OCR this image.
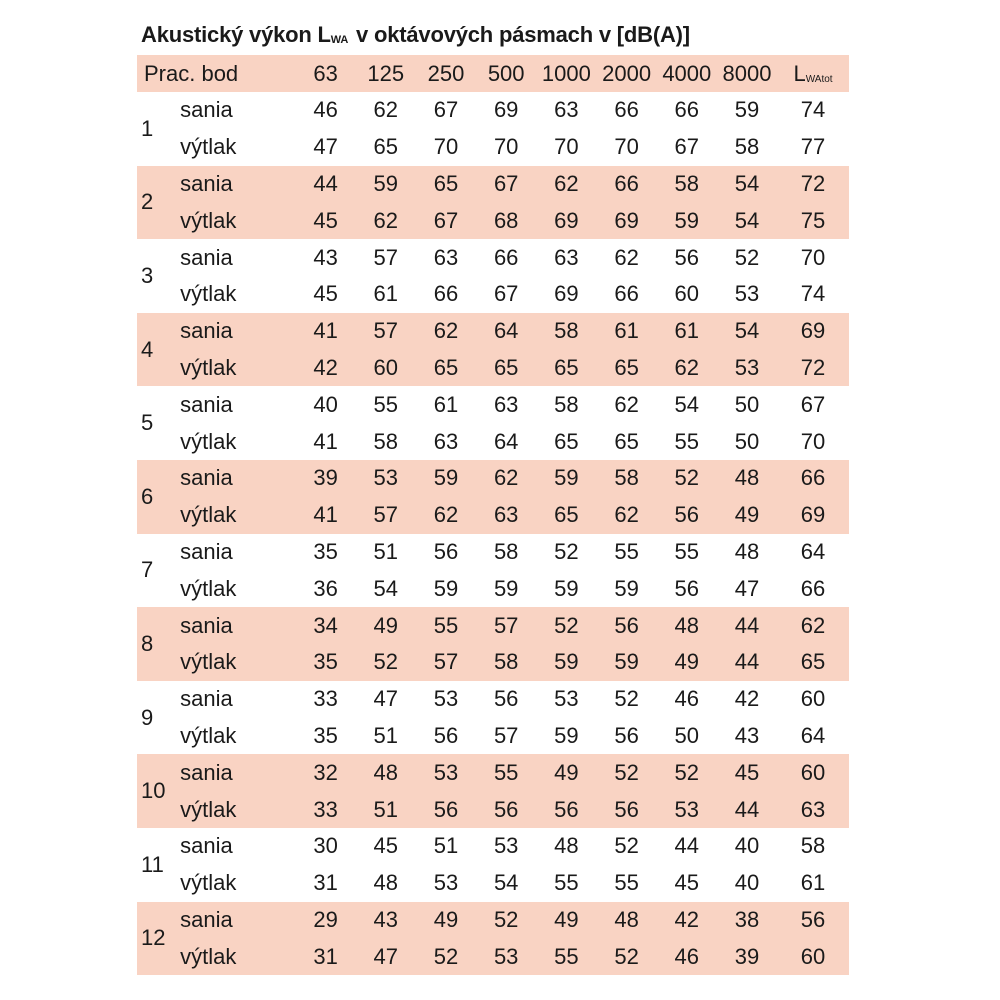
Akustický výkon $L_{WA}$ v oktávových pásmach v [dB(A)]
Prac. bod		63	125	250	500	1000	2000	4000	8000	$L_{WAtot}$
1	sania	46	62	67	69	63	66	66	59	74
	výtlak	47	65	70	70	70	70	67	58	77
2	sania	44	59	65	67	62	66	58	54	72
	výtlak	45	62	67	68	69	69	59	54	75
3	sania	43	57	63	66	63	62	56	52	70
	výtlak	45	61	66	67	69	66	60	53	74
4	sania	41	57	62	64	58	61	61	54	69
	výtlak	42	60	65	65	65	65	62	53	72
5	sania	40	55	61	63	58	62	54	50	67
	výtlak	41	58	63	64	65	65	55	50	70
6	sania	39	53	59	62	59	58	52	48	66
	výtlak	41	57	62	63	65	62	56	49	69
7	sania	35	51	56	58	52	55	55	48	64
	výtlak	36	54	59	59	59	59	56	47	66
8	sania	34	49	55	57	52	56	48	44	62
	výtlak	35	52	57	58	59	59	49	44	65
9	sania	33	47	53	56	53	52	46	42	60
	výtlak	35	51	56	57	59	56	50	43	64
10	sania	32	48	53	55	49	52	52	45	60
	výtlak	33	51	56	56	56	56	53	44	63
11	sania	30	45	51	53	48	52	44	40	58
	výtlak	31	48	53	54	55	55	45	40	61
12	sania	29	43	49	52	49	48	42	38	56
	výtlak	31	47	52	53	55	52	46	39	60
